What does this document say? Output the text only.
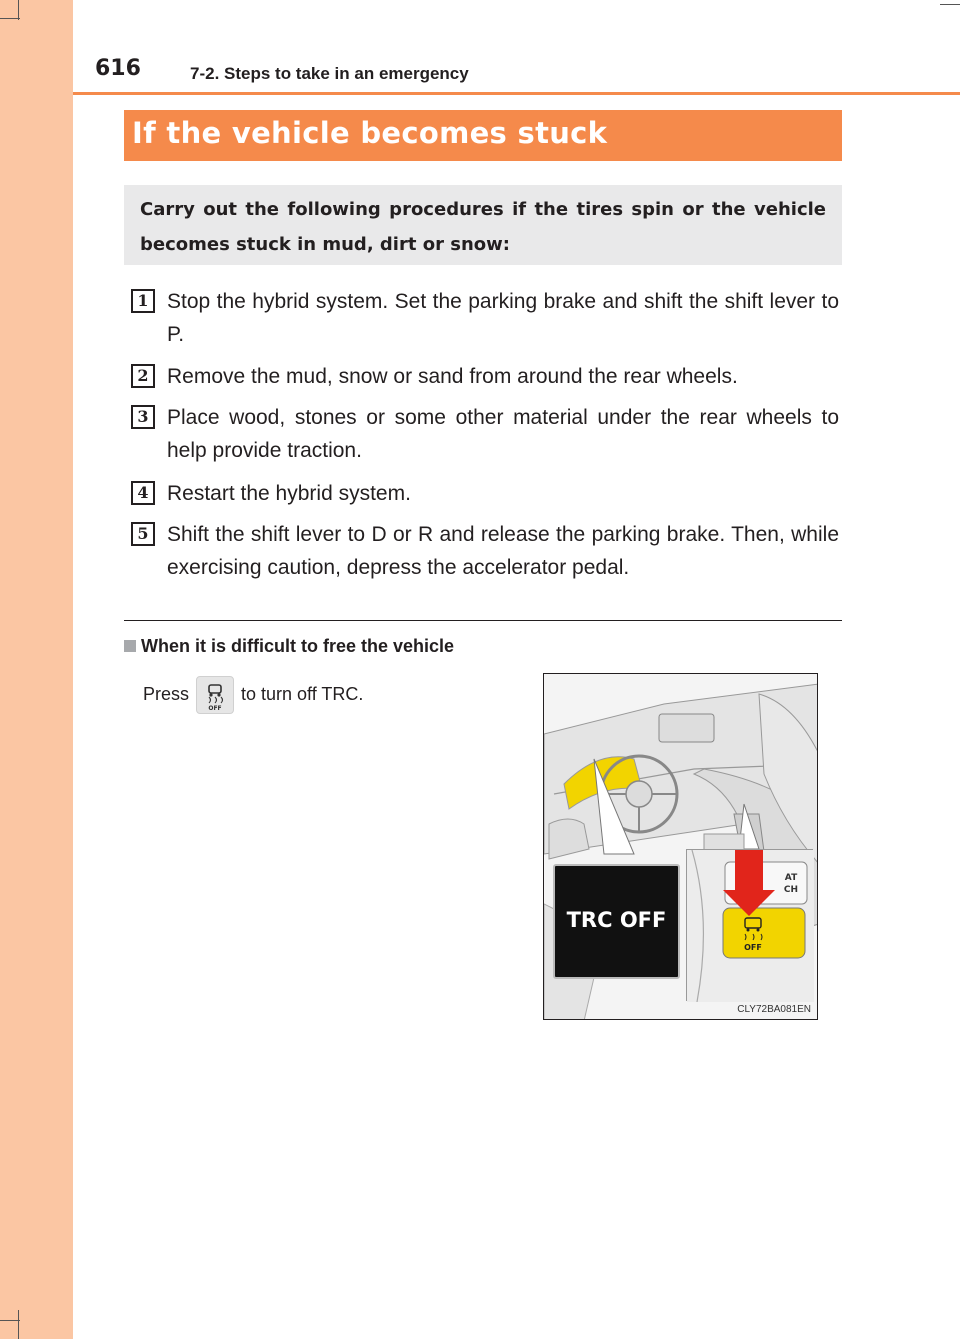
616	7-2. Steps to take in an emergency
If the vehicle becomes stuck
Carry out the following procedures if the tires spin or the vehicle becomes stuck in mud, dirt or snow:
1 Stop the hybrid system. Set the parking brake and shift the shift lever to P.
2 Remove the mud, snow or sand from around the rear wheels.
3 Place wood, stones or some other material under the rear wheels to help provide traction.
4 Restart the hybrid system.
5 Shift the shift lever to D or R and release the parking brake. Then, while exercising caution, depress the accelerator pedal.
When it is difficult to free the vehicle
Press	to turn off TRC.
OFF
TRC OFF
AT
CH
OFF
CLY72BA081EN
